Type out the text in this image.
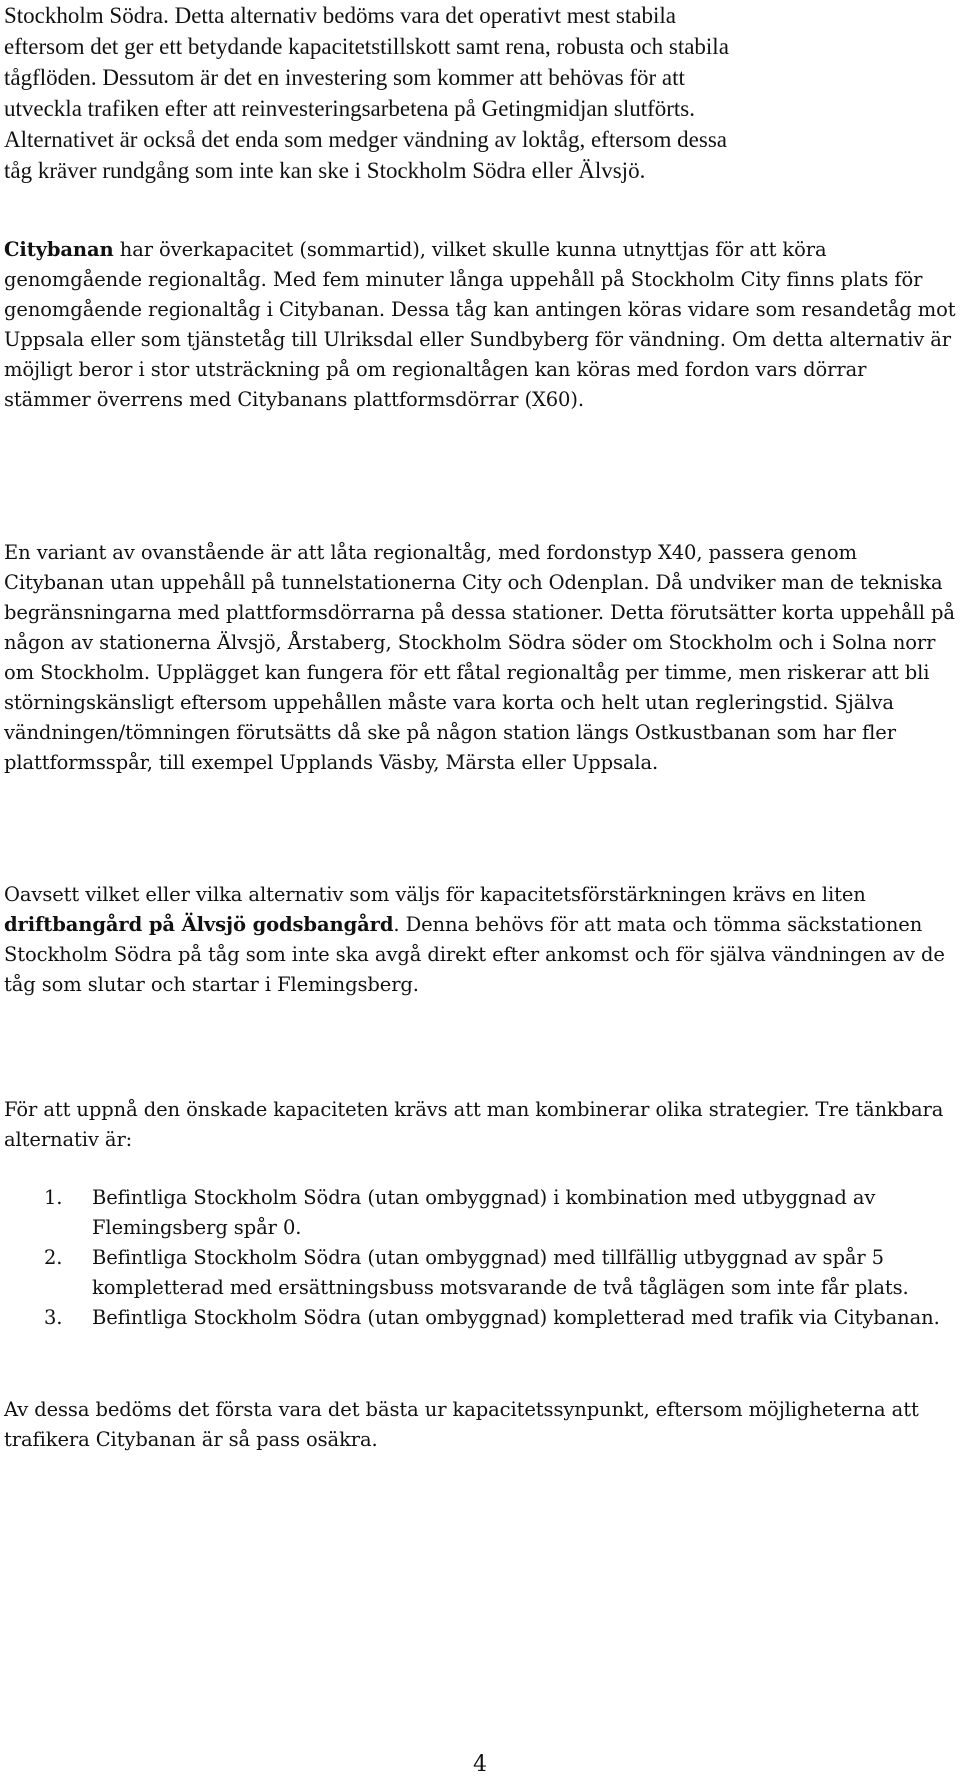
Stockholm Södra. Detta alternativ bedöms vara det operativt mest stabila
eftersom det ger ett betydande kapacitetstillskott samt rena, robusta och stabila
tågflöden. Dessutom är det en investering som kommer att behövas för att
utveckla trafiken efter att reinvesteringsarbetena på Getingmidjan slutförts.
Alternativet är också det enda som medger vändning av loktåg, eftersom dessa
tåg kräver rundgång som inte kan ske i Stockholm Södra eller Älvsjö.

Citybanan har överkapacitet (sommartid), vilket skulle kunna utnyttjas för att köra genomgående regionaltåg. Med fem minuter långa uppehåll på Stockholm City finns plats för genomgående regionaltåg i Citybanan. Dessa tåg kan antingen köras vidare som resandetåg mot Uppsala eller som tjänstetåg till Ulriksdal eller Sundbyberg för vändning. Om detta alternativ är möjligt beror i stor utsträckning på om regionaltågen kan köras med fordon vars dörrar stämmer överrens med Citybanans plattformsdörrar (X60).

En variant av ovanstående är att låta regionaltåg, med fordonstyp X40, passera genom Citybanan utan uppehåll på tunnelstationerna City och Odenplan. Då undviker man de tekniska begränsningarna med plattformsdörrarna på dessa stationer. Detta förutsätter korta uppehåll på någon av stationerna Älvsjö, Årstaberg, Stockholm Södra söder om Stockholm och i Solna norr om Stockholm. Upplägget kan fungera för ett fåtal regionaltåg per timme, men riskerar att bli störningskänsligt eftersom uppehållen måste vara korta och helt utan regleringstid. Själva vändningen/tömningen förutsätts då ske på någon station längs Ostkustbanan som har fler plattformsspår, till exempel Upplands Väsby, Märsta eller Uppsala.

Oavsett vilket eller vilka alternativ som väljs för kapacitetsförstärkningen krävs en liten driftbangård på Älvsjö godsbangård. Denna behövs för att mata och tömma säckstationen Stockholm Södra på tåg som inte ska avgå direkt efter ankomst och för själva vändningen av de tåg som slutar och startar i Flemingsberg.

För att uppnå den önskade kapaciteten krävs att man kombinerar olika strategier. Tre tänkbara alternativ är:

1. Befintliga Stockholm Södra (utan ombyggnad) i kombination med utbyggnad av Flemingsberg spår 0.
2. Befintliga Stockholm Södra (utan ombyggnad) med tillfällig utbyggnad av spår 5 kompletterad med ersättningsbuss motsvarande de två tåglägen som inte får plats.
3. Befintliga Stockholm Södra (utan ombyggnad) kompletterad med trafik via Citybanan.

Av dessa bedöms det första vara det bästa ur kapacitetssynpunkt, eftersom möjligheterna att trafikera Citybanan är så pass osäkra.

4
